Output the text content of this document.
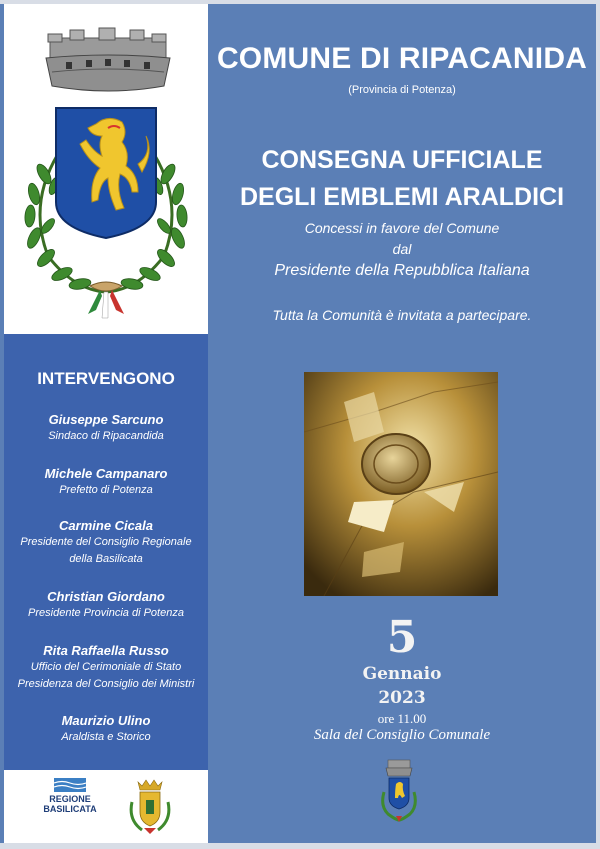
COMUNE DI RIPACANIDA
(Provincia di Potenza)
CONSEGNA UFFICIALE
DEGLI EMBLEMI ARALDICI
Concessi in favore del Comune
dal
Presidente della Repubblica Italiana
Tutta la Comunità è invitata a partecipare.
5
Gennaio
2023
ore 11.00
Sala del Consiglio Comunale
INTERVENGONO
Giuseppe Sarcuno
Sindaco di Ripacandida
Michele Campanaro
Prefetto di Potenza
Carmine Cicala
Presidente del Consiglio Regionale
della Basilicata
Christian Giordano
Presidente Provincia di Potenza
Rita Raffaella Russo
Ufficio del Cerimoniale di Stato
Presidenza del Consiglio dei Ministri
Maurizio Ulino
Araldista e Storico
REGIONE
BASILICATA
